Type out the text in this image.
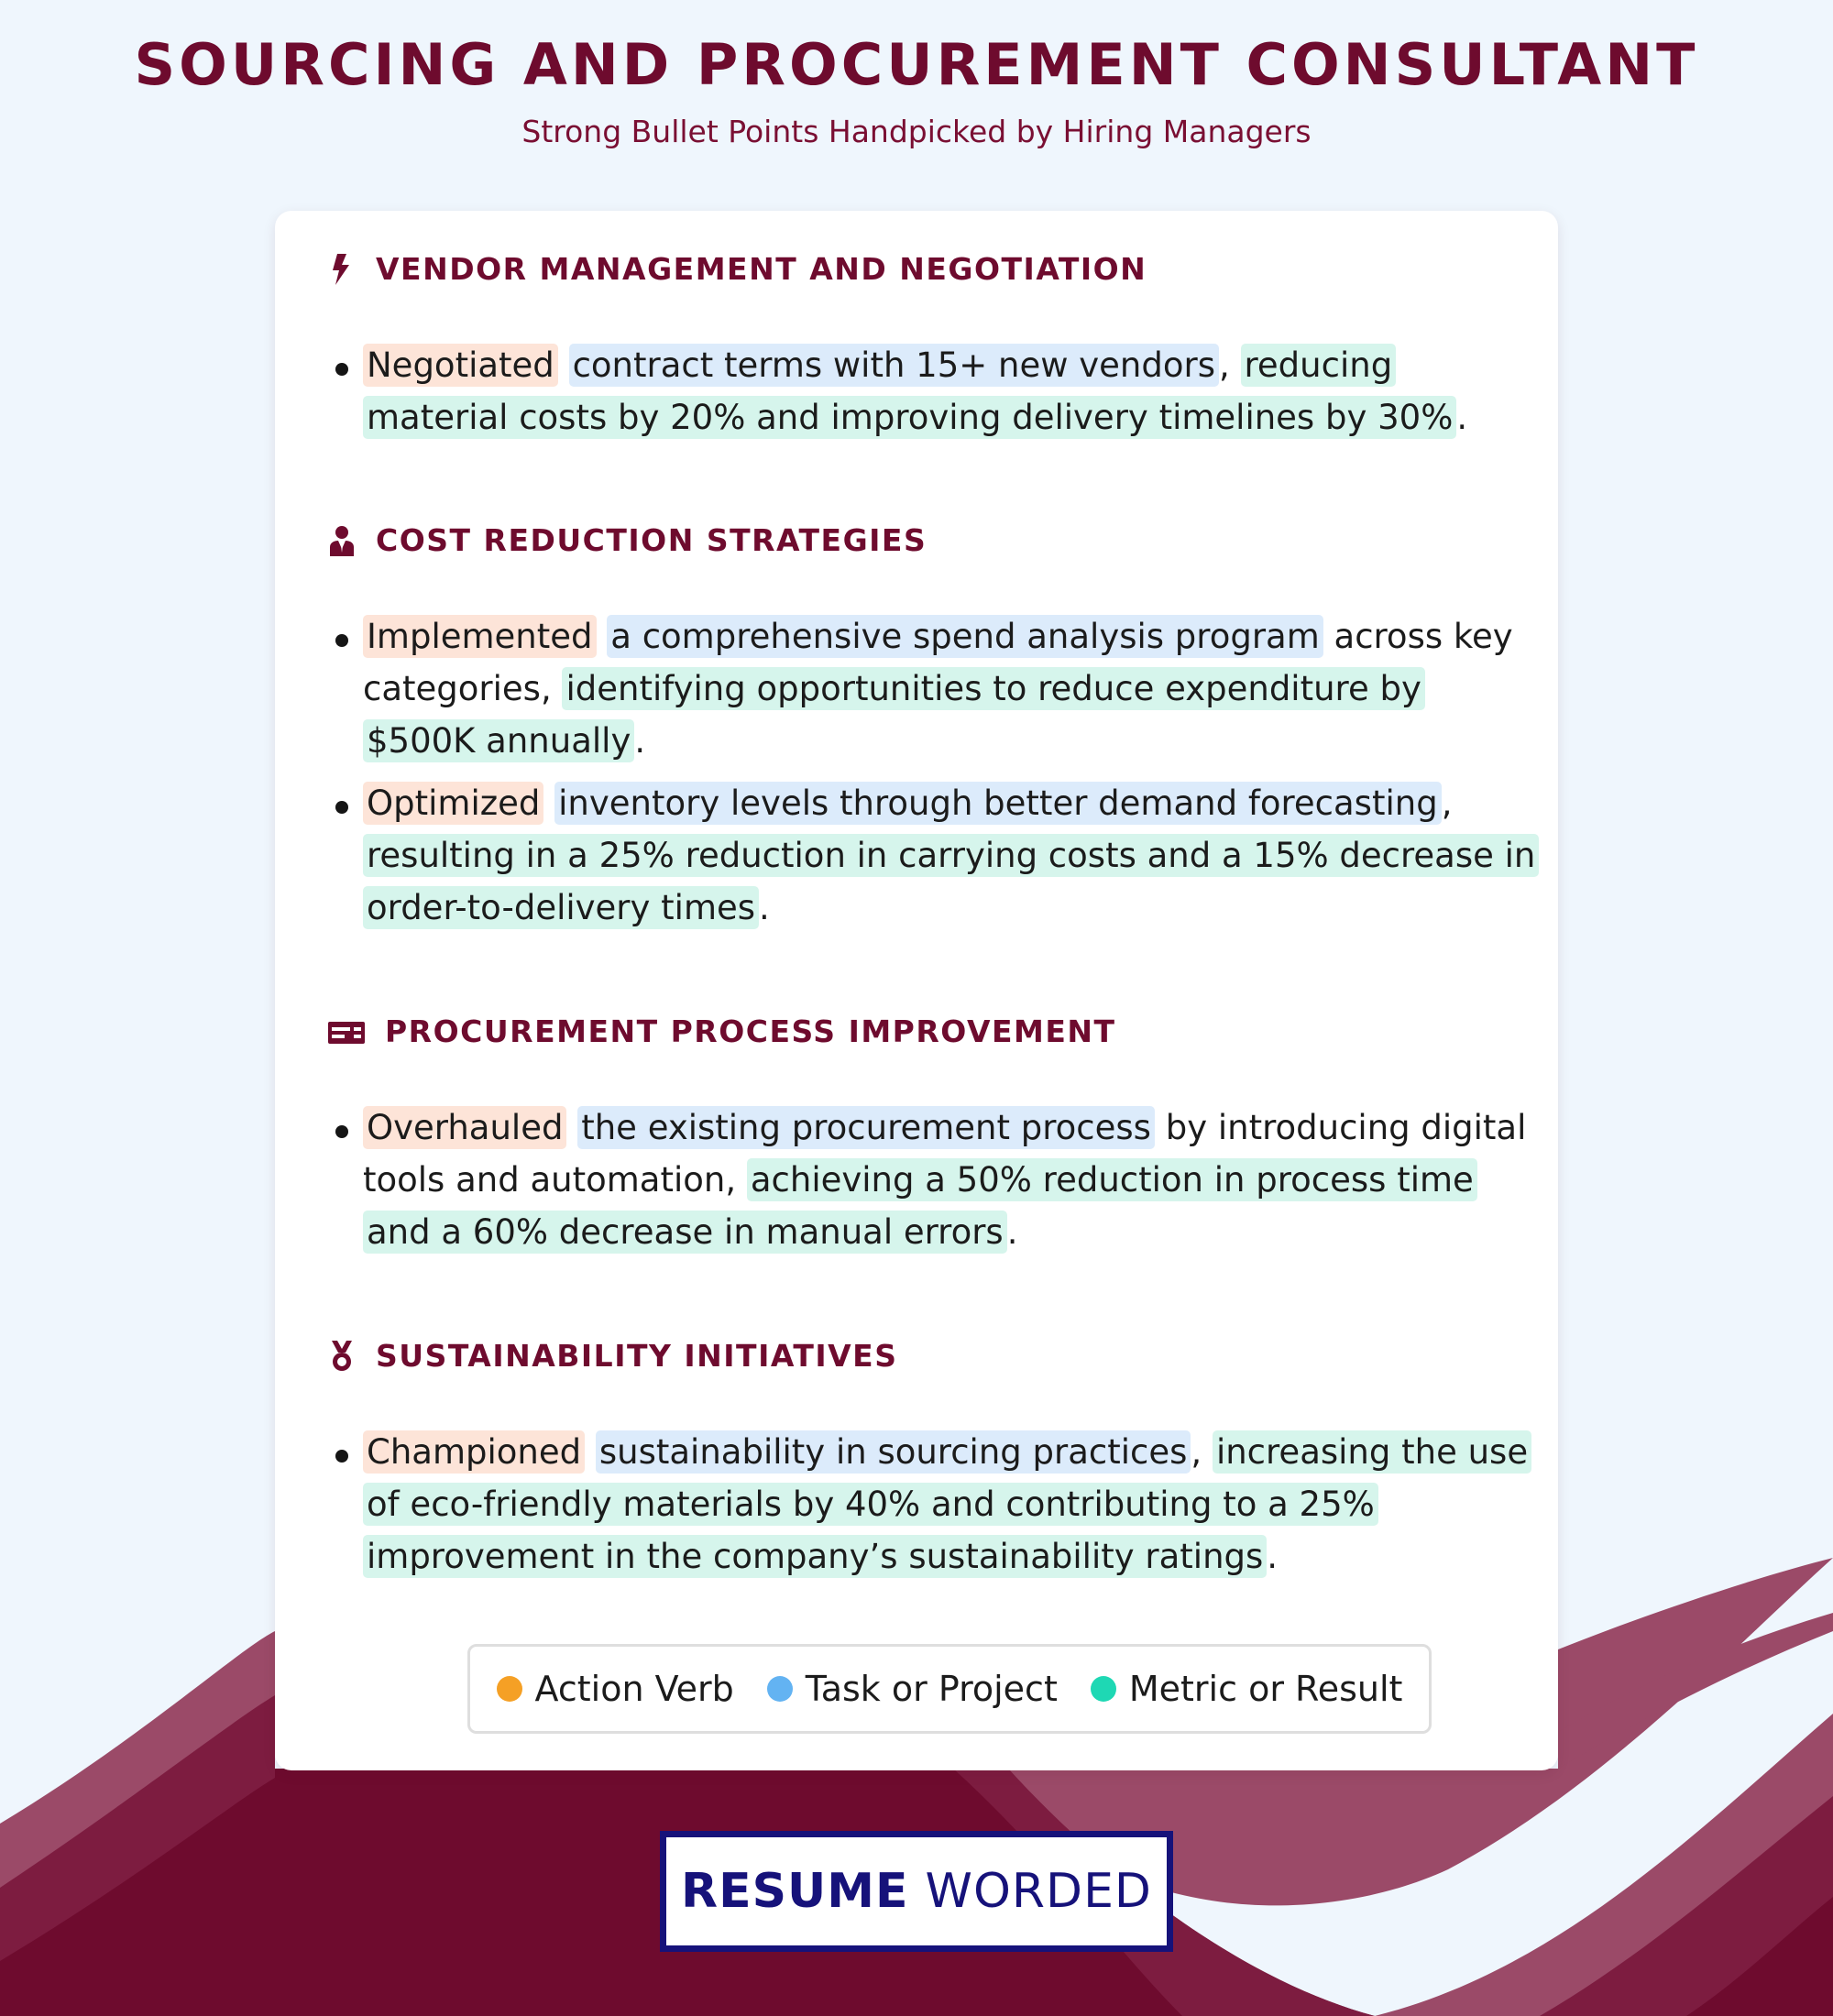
SOURCING AND PROCUREMENT CONSULTANT

Strong Bullet Points Handpicked by Hiring Managers

VENDOR MANAGEMENT AND NEGOTIATION
Negotiated contract terms with 15+ new vendors , reducing material costs by 20% and improving delivery timelines by 30% .
COST REDUCTION STRATEGIES
Implemented a comprehensive spend analysis program across key categories, identifying opportunities to reduce expenditure by $500K annually .
Optimized inventory levels through better demand forecasting , resulting in a 25% reduction in carrying costs and a 15% decrease in order-to-delivery times .
PROCUREMENT PROCESS IMPROVEMENT
Overhauled the existing procurement process by introducing digital tools and automation, achieving a 50% reduction in process time and a 60% decrease in manual errors .
SUSTAINABILITY INITIATIVES
Championed sustainability in sourcing practices , increasing the use of eco-friendly materials by 40% and contributing to a 25% improvement in the company’s sustainability ratings .
Action Verb Task or Project Metric or Result
RESUME WORDED
